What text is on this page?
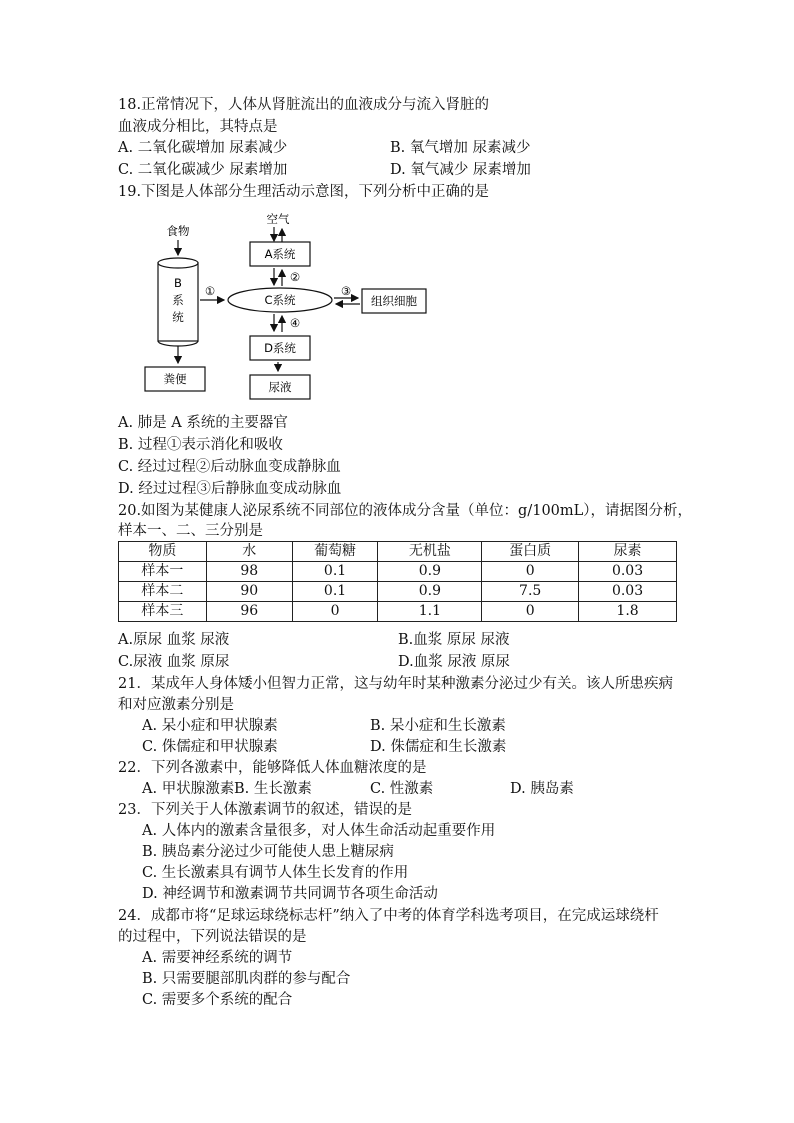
18.正常情况下，人体从肾脏流出的血液成分与流入肾脏的
血液成分相比，其特点是
A. 二氧化碳增加 尿素减少	B. 氧气增加 尿素减少
C. 二氧化碳减少 尿素增加	D. 氧气减少 尿素增加
19.下图是人体部分生理活动示意图，下列分析中正确的是
食物
B
系
统
粪便
①
空气
A系统
②
C系统
③
组织细胞
④
D系统
尿液
A. 肺是 A 系统的主要器官
B. 过程①表示消化和吸收
C. 经过过程②后动脉血变成静脉血
D. 经过过程③后静脉血变成动脉血
20.如图为某健康人泌尿系统不同部位的液体成分含量（单位：g/100mL），请据图分析，
样本一、二、三分别是
物质	水	葡萄糖	无机盐	蛋白质	尿素
样本一	98	0.1	0.9	0	0.03
样本二	90	0.1	0.9	7.5	0.03
样本三	96	0	1.1	0	1.8
A.原尿 血浆 尿液	B.血浆 原尿 尿液
C.尿液 血浆 原尿	D.血浆 尿液 原尿
21．某成年人身体矮小但智力正常，这与幼年时某种激素分泌过少有关。该人所患疾病
和对应激素分别是
A. 呆小症和甲状腺素	B. 呆小症和生长激素
C. 侏儒症和甲状腺素	D. 侏儒症和生长激素
22．下列各激素中，能够降低人体血糖浓度的是
A. 甲状腺激素 B. 生长激素	C. 性激素	D. 胰岛素
23．下列关于人体激素调节的叙述，错误的是
A. 人体内的激素含量很多，对人体生命活动起重要作用
B. 胰岛素分泌过少可能使人患上糖尿病
C. 生长激素具有调节人体生长发育的作用
D. 神经调节和激素调节共同调节各项生命活动
24．成都市将“足球运球绕标志杆”纳入了中考的体育学科选考项目，在完成运球绕杆
的过程中，下列说法错误的是
A. 需要神经系统的调节
B. 只需要腿部肌肉群的参与配合
C. 需要多个系统的配合
